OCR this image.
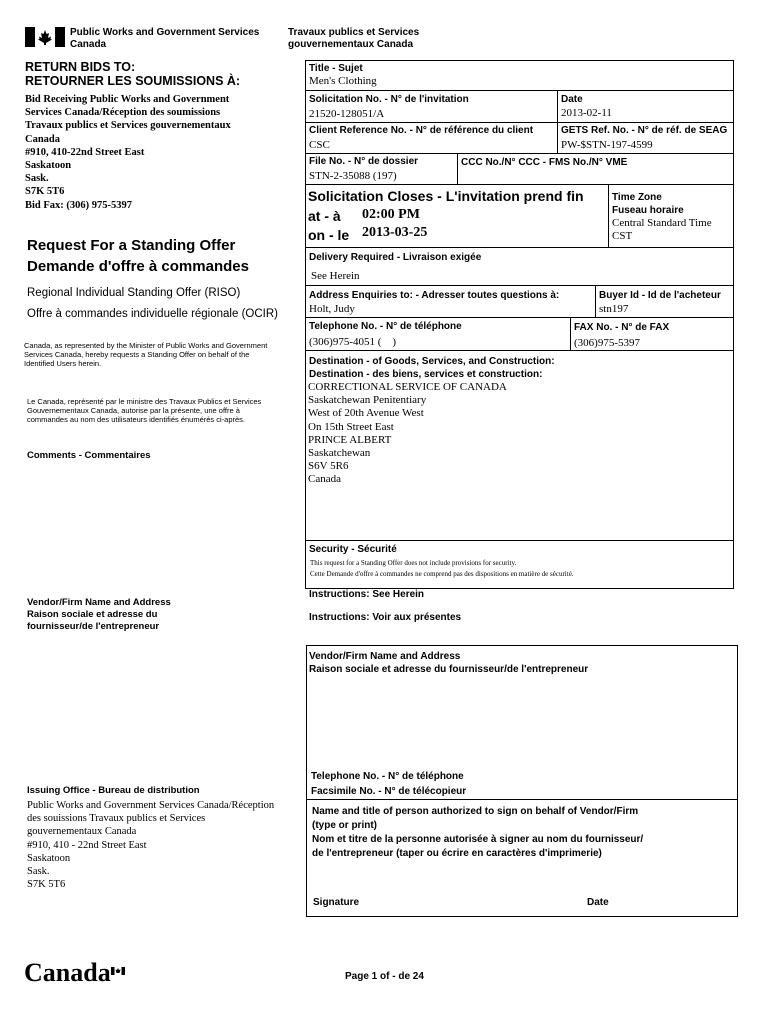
Public Works and Government Services
Canada
Travaux publics et Services
gouvernementaux Canada
RETURN BIDS TO:
RETOURNER LES SOUMISSIONS À:
Bid Receiving Public Works and Government
Services Canada/Réception des soumissions
Travaux publics et Services gouvernementaux
Canada
#910, 410-22nd Street East
Saskatoon
Sask.
S7K 5T6
Bid Fax: (306) 975-5397
Request For a Standing Offer
Demande d'offre à commandes
Regional Individual Standing Offer (RISO)
Offre à commandes individuelle régionale (OCIR)
Canada, as represented by the Minister of Public Works and Government Services Canada, hereby requests a Standing Offer on behalf of the Identified Users herein.
Le Canada, représenté par le ministre des Travaux Publics et Services Gouvernementaux Canada, autorise par la présente, une offre à commandes au nom des utilisateurs identifiés énumérés ci-après.
Comments - Commentaires
Vendor/Firm Name and Address
Raison sociale et adresse du
fournisseur/de l'entrepreneur
Issuing Office - Bureau de distribution
Public Works and Government Services Canada/Réception
des souissions Travaux publics et Services
gouvernementaux Canada
#910, 410 - 22nd Street East
Saskatoon
Sask.
S7K 5T6
Title - Sujet
Men's Clothing
Solicitation No. - N° de l'invitation
21520-128051/A
Date
2013-02-11
Client Reference No. - N° de référence du client
CSC
GETS Ref. No. - N° de réf. de SEAG
PW-$STN-197-4599
File No. - N° de dossier
STN-2-35088 (197)
CCC No./N° CCC - FMS No./N° VME
Solicitation Closes - L'invitation prend fin
at - à 02:00 PM
on - le 2013-03-25
Time Zone
Fuseau horaire
Central Standard Time
CST
Delivery Required - Livraison exigée
See Herein
Address Enquiries to: - Adresser toutes questions à:
Holt, Judy
Buyer Id - Id de l'acheteur
stn197
Telephone No. - N° de téléphone
(306)975-4051 (    )
FAX No. - N° de FAX
(306)975-5397
Destination - of Goods, Services, and Construction:
Destination - des biens, services et construction:
CORRECTIONAL SERVICE OF CANADA
Saskatchewan Penitentiary
West of 20th Avenue West
On 15th Street East
PRINCE ALBERT
Saskatchewan
S6V 5R6
Canada
Security - Sécurité
This request for a Standing Offer does not include provisions for security.
Cette Demande d'offre à commandes ne comprend pas des dispositions en matière de sécurité.
Instructions: See Herein
Instructions: Voir aux présentes
Vendor/Firm Name and Address
Raison sociale et adresse du fournisseur/de l'entrepreneur
Telephone No. - N° de téléphone
Facsimile No. - N° de télécopieur
Name and title of person authorized to sign on behalf of Vendor/Firm
(type or print)
Nom et titre de la personne autorisée à signer au nom du fournisseur/
de l'entrepreneur (taper ou écrire en caractères d'imprimerie)
Signature	Date
Canada	Page 1 of - de 24
